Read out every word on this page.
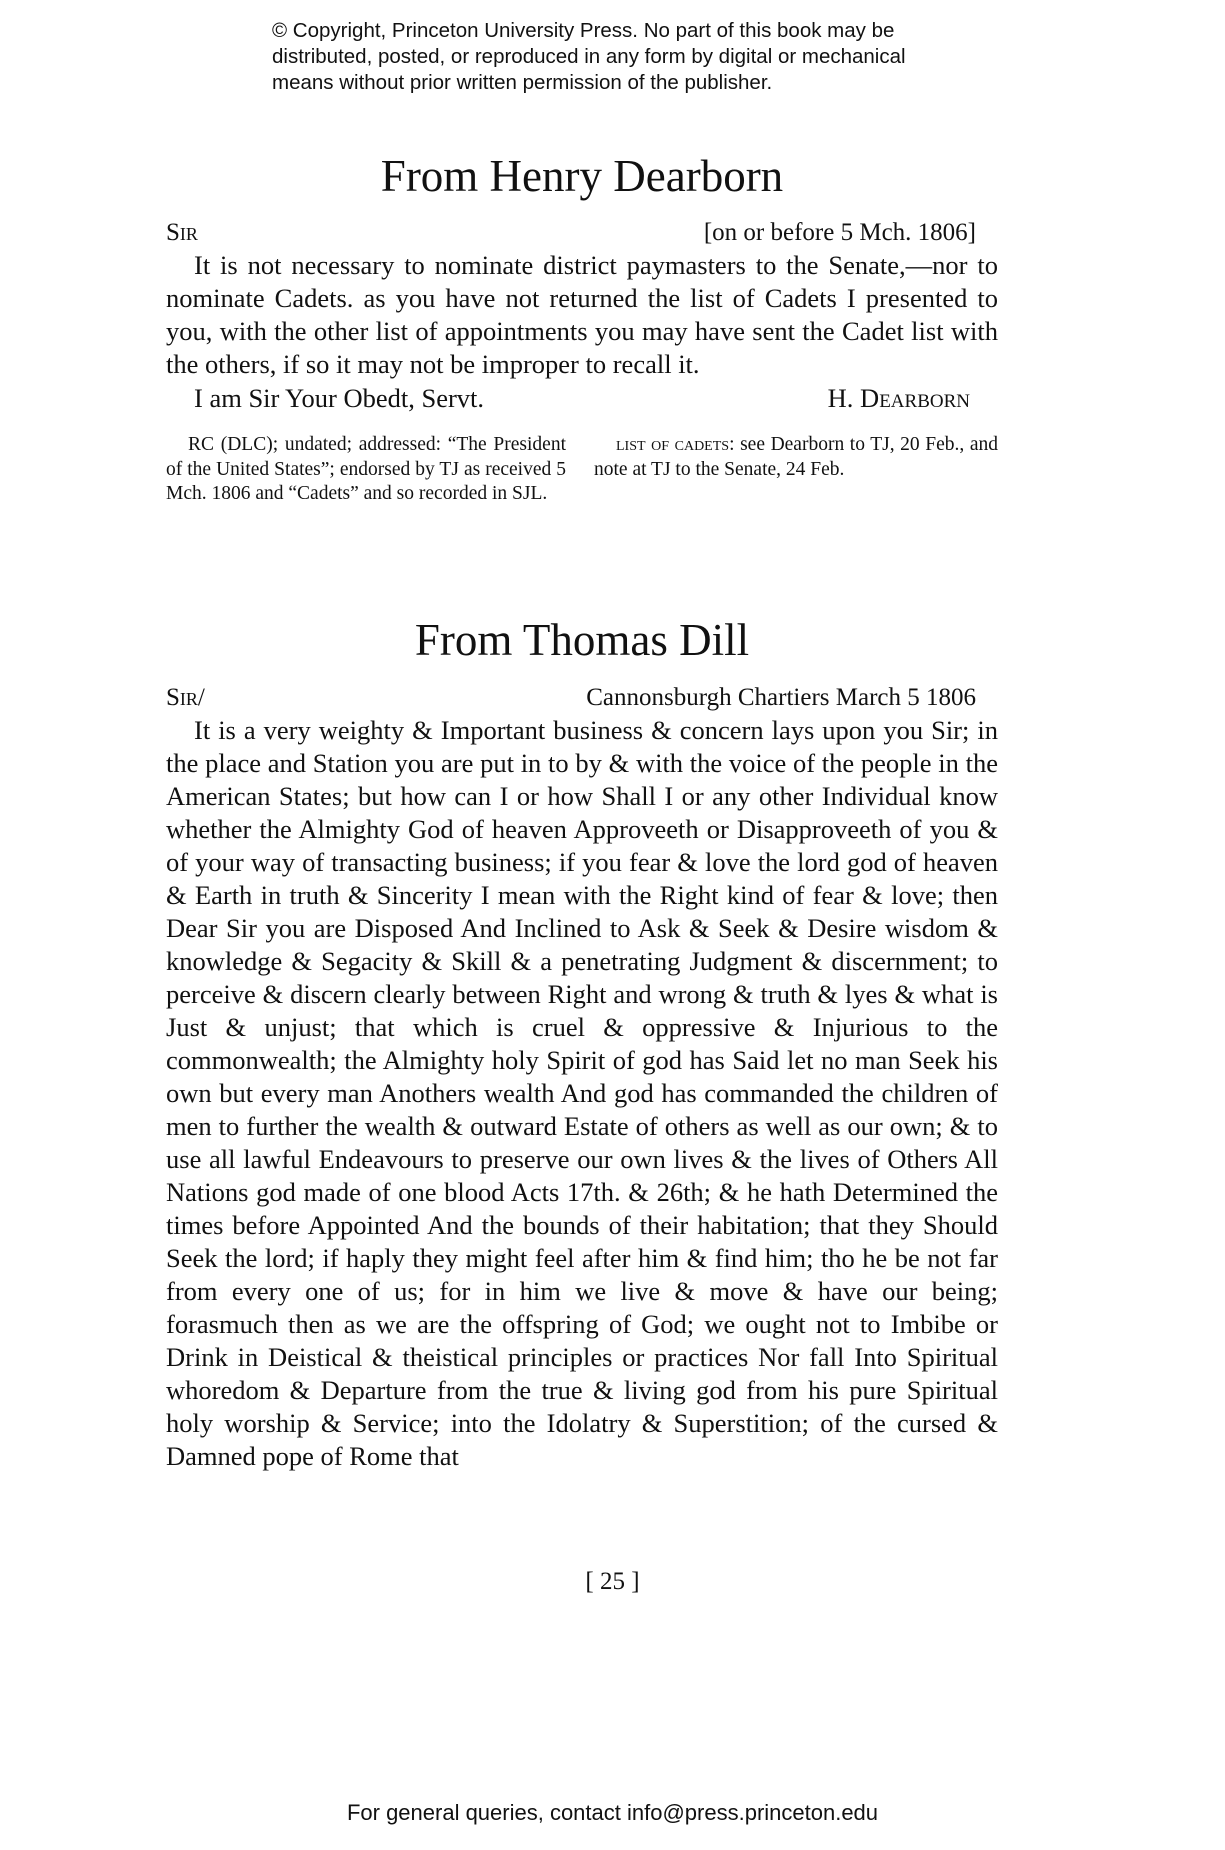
© Copyright, Princeton University Press. No part of this book may be
distributed, posted, or reproduced in any form by digital or mechanical
means without prior written permission of the publisher.
From Henry Dearborn
Sir	[on or before 5 Mch. 1806]

It is not necessary to nominate district paymasters to the Senate,—nor to nominate Cadets. as you have not returned the list of Cadets I presented to you, with the other list of appointments you may have sent the Cadet list with the others, if so it may not be improper to recall it.

I am Sir Your Obedt, Servt.	H. Dearborn
RC (DLC); undated; addressed: “The President of the United States”; endorsed by TJ as received 5 Mch. 1806 and “Cadets” and so recorded in SJL.
list of cadets: see Dearborn to TJ, 20 Feb., and note at TJ to the Senate, 24 Feb.
From Thomas Dill
Sir/	Cannonsburgh Chartiers March 5 1806

It is a very weighty & Important business & concern lays upon you Sir; in the place and Station you are put in to by & with the voice of the people in the American States; but how can I or how Shall I or any other Individual know whether the Almighty God of heaven Approveeth or Disapproveeth of you & of your way of transacting business; if you fear & love the lord god of heaven & Earth in truth & Sincerity I mean with the Right kind of fear & love; then Dear Sir you are Disposed And Inclined to Ask & Seek & Desire wisdom & knowledge & Segacity & Skill & a penetrating Judgment & discernment; to perceive & discern clearly between Right and wrong & truth & lyes & what is Just & unjust; that which is cruel & oppressive & Injurious to the commonwealth; the Almighty holy Spirit of god has Said let no man Seek his own but every man Anothers wealth And god has commanded the children of men to further the wealth & outward Estate of others as well as our own; & to use all lawful Endeavours to preserve our own lives & the lives of Others All Nations god made of one blood Acts 17th. & 26th; & he hath Determined the times before Appointed And the bounds of their habitation; that they Should Seek the lord; if haply they might feel after him & find him; tho he be not far from every one of us; for in him we live & move & have our being; forasmuch then as we are the offspring of God; we ought not to Imbibe or Drink in Deistical & theistical principles or practices Nor fall Into Spiritual whoredom & Departure from the true & living god from his pure Spiritual holy worship & Service; into the Idolatry & Superstition; of the cursed & Damned pope of Rome that

[ 25 ]
For general queries, contact info@press.princeton.edu
